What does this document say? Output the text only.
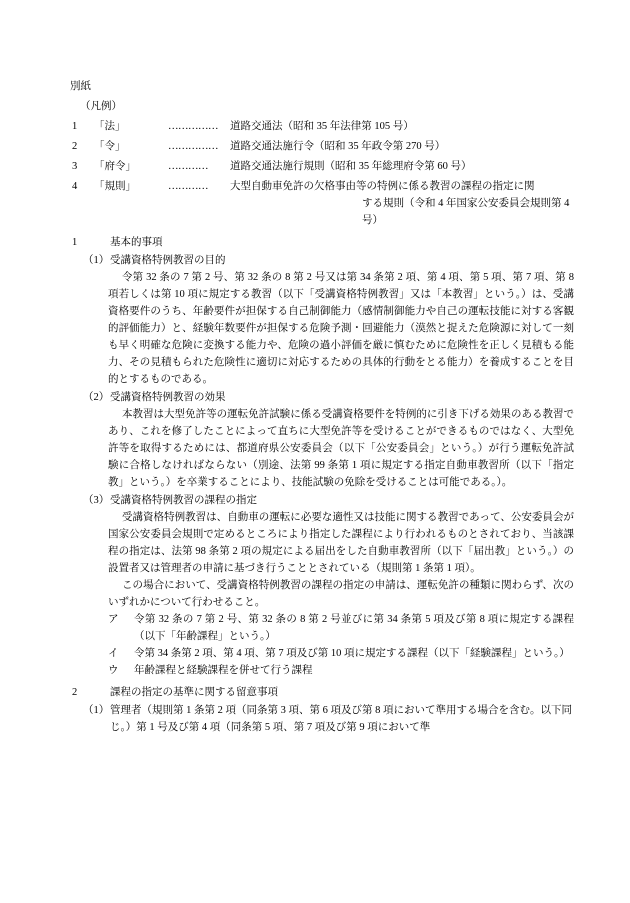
別紙
（凡例）
1	「法」	……………	道路交通法（昭和 35 年法律第 105 号）
2	「令」	……………	道路交通法施行令（昭和 35 年政令第 270 号）
3	「府令」	…………	道路交通法施行規則（昭和 35 年総理府令第 60 号）
4	「規則」	…………	大型自動車免許の欠格事由等の特例に係る教習の課程の指定に関
する規則（令和 4 年国家公安委員会規則第 4 号）
1	基本的事項
（1） 受講資格特例教習の目的

令第 32 条の 7 第 2 号、第 32 条の 8 第 2 号又は第 34 条第 2 項、第 4 項、第 5 項、第 7 項、第 8 項若しくは第 10 項に規定する教習（以下「受講資格特例教習」又は「本教習」という。）は、受講資格要件のうち、年齢要件が担保する自己制御能力（感情制御能力や自己の運転技能に対する客観的評価能力）と、経験年数要件が担保する危険予測・回避能力（漠然と捉えた危険源に対して一刻も早く明確な危険に変換する能力や、危険の過小評価を厳に慎むために危険性を正しく見積もる能力、その見積もられた危険性に適切に対応するための具体的行動をとる能力）を養成することを目的とするものである。

（2） 受講資格特例教習の効果

本教習は大型免許等の運転免許試験に係る受講資格要件を特例的に引き下げる効果のある教習であり、これを修了したことによって直ちに大型免許等を受けることができるものではなく、大型免許等を取得するためには、都道府県公安委員会（以下「公安委員会」という。）が行う運転免許試験に合格しなければならない（別途、法第 99 条第 1 項に規定する指定自動車教習所（以下「指定教」という。）を卒業することにより、技能試験の免除を受けることは可能である。）。

（3） 受講資格特例教習の課程の指定

受講資格特例教習は、自動車の運転に必要な適性又は技能に関する教習であって、公安委員会が国家公安委員会規則で定めるところにより指定した課程により行われるものとされており、当該課程の指定は、法第 98 条第 2 項の規定による届出をした自動車教習所（以下「届出教」という。）の設置者又は管理者の申請に基づき行うこととされている（規則第 1 条第 1 項）。

この場合において、受講資格特例教習の課程の指定の申請は、運転免許の種類に関わらず、次のいずれかについて行わせること。

ア	令第 32 条の 7 第 2 号、第 32 条の 8 第 2 号並びに第 34 条第 5 項及び第 8 項に規定する課程（以下「年齢課程」という。）
イ	令第 34 条第 2 項、第 4 項、第 7 項及び第 10 項に規定する課程（以下「経験課程」という。）
ウ	年齢課程と経験課程を併せて行う課程
2	課程の指定の基準に関する留意事項
（1） 管理者（規則第 1 条第 2 項（同条第 3 項、第 6 項及び第 8 項において準用する場合を含む。以下同じ。）第 1 号及び第 4 項（同条第 5 項、第 7 項及び第 9 項において準
